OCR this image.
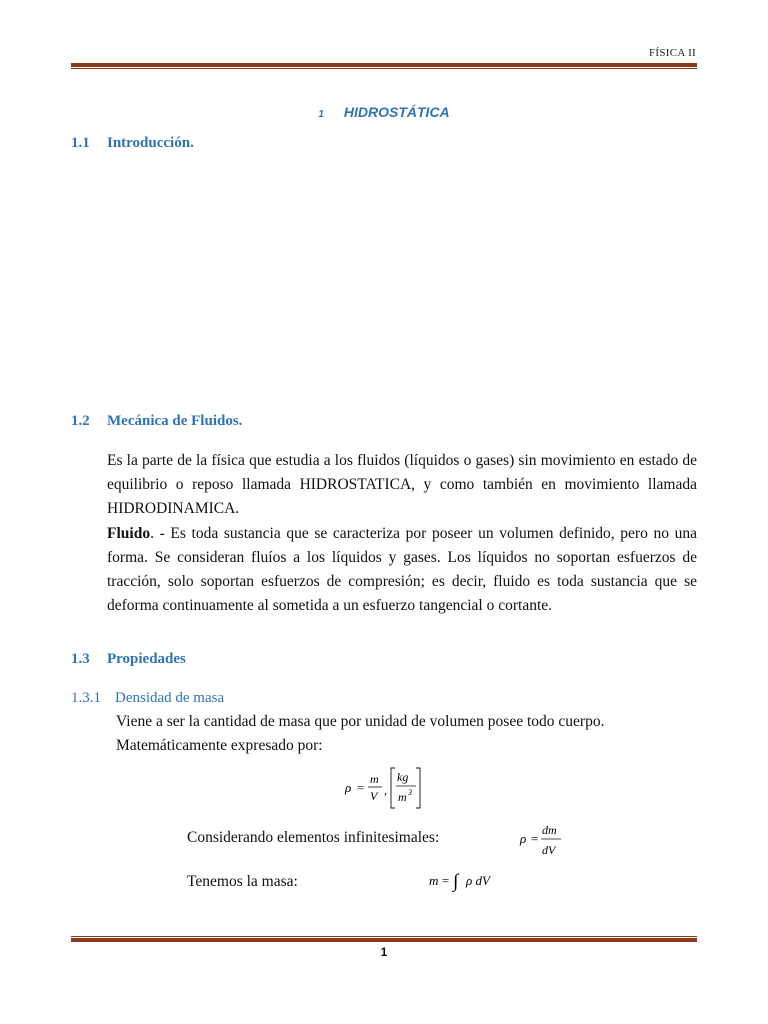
FÍSICA II
1 HIDROSTÁTICA
1.1 Introducción.
1.2 Mecánica de Fluidos.
Es la parte de la física que estudia a los fluidos (líquidos o gases) sin movimiento en estado de equilibrio o reposo llamada HIDROSTATICA, y como también en movimiento llamada HIDRODINAMICA.
Fluido. - Es toda sustancia que se caracteriza por poseer un volumen definido, pero no una forma. Se consideran fluíos a los líquidos y gases. Los líquidos no soportan esfuerzos de tracción, solo soportan esfuerzos de compresión; es decir, fluido es toda sustancia que se deforma continuamente al sometida a un esfuerzo tangencial o cortante.
1.3 Propiedades
1.3.1 Densidad de masa
Viene a ser la cantidad de masa que por unidad de volumen posee todo cuerpo.
Matemáticamente expresado por:
ρ =
m
V ,
kg
m 3
Considerando elementos infinitesimales:	ρ =
dm
dV
Tenemos la masa:	m = ∫ ρ dV
1
